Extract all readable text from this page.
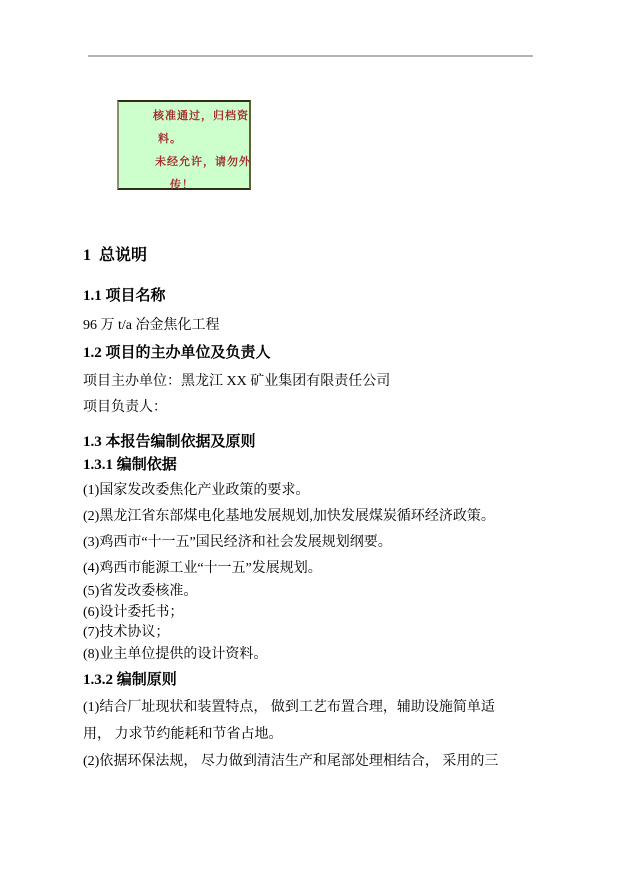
核准通过，归档资
料。
未经允许，请勿外
传！
1  总说明
1.1 项目名称
96 万 t/a 冶金焦化工程
1.2 项目的主办单位及负责人
项目主办单位：黑龙江 XX 矿业集团有限责任公司
项目负责人：
1.3 本报告编制依据及原则
1.3.1 编制依据
(1)国家发改委焦化产业政策的要求。
(2)黑龙江省东部煤电化基地发展规划,加快发展煤炭循环经济政策。
(3)鸡西市“十一五”国民经济和社会发展规划纲要。
(4)鸡西市能源工业“十一五”发展规划。
(5)省发改委核准。
(6)设计委托书；
(7)技术协议；
(8)业主单位提供的设计资料。
1.3.2 编制原则
(1)结合厂址现状和装置特点， 做到工艺布置合理，辅助设施简单适
用， 力求节约能耗和节省占地。
(2)依据环保法规， 尽力做到清洁生产和尾部处理相结合， 采用的三
